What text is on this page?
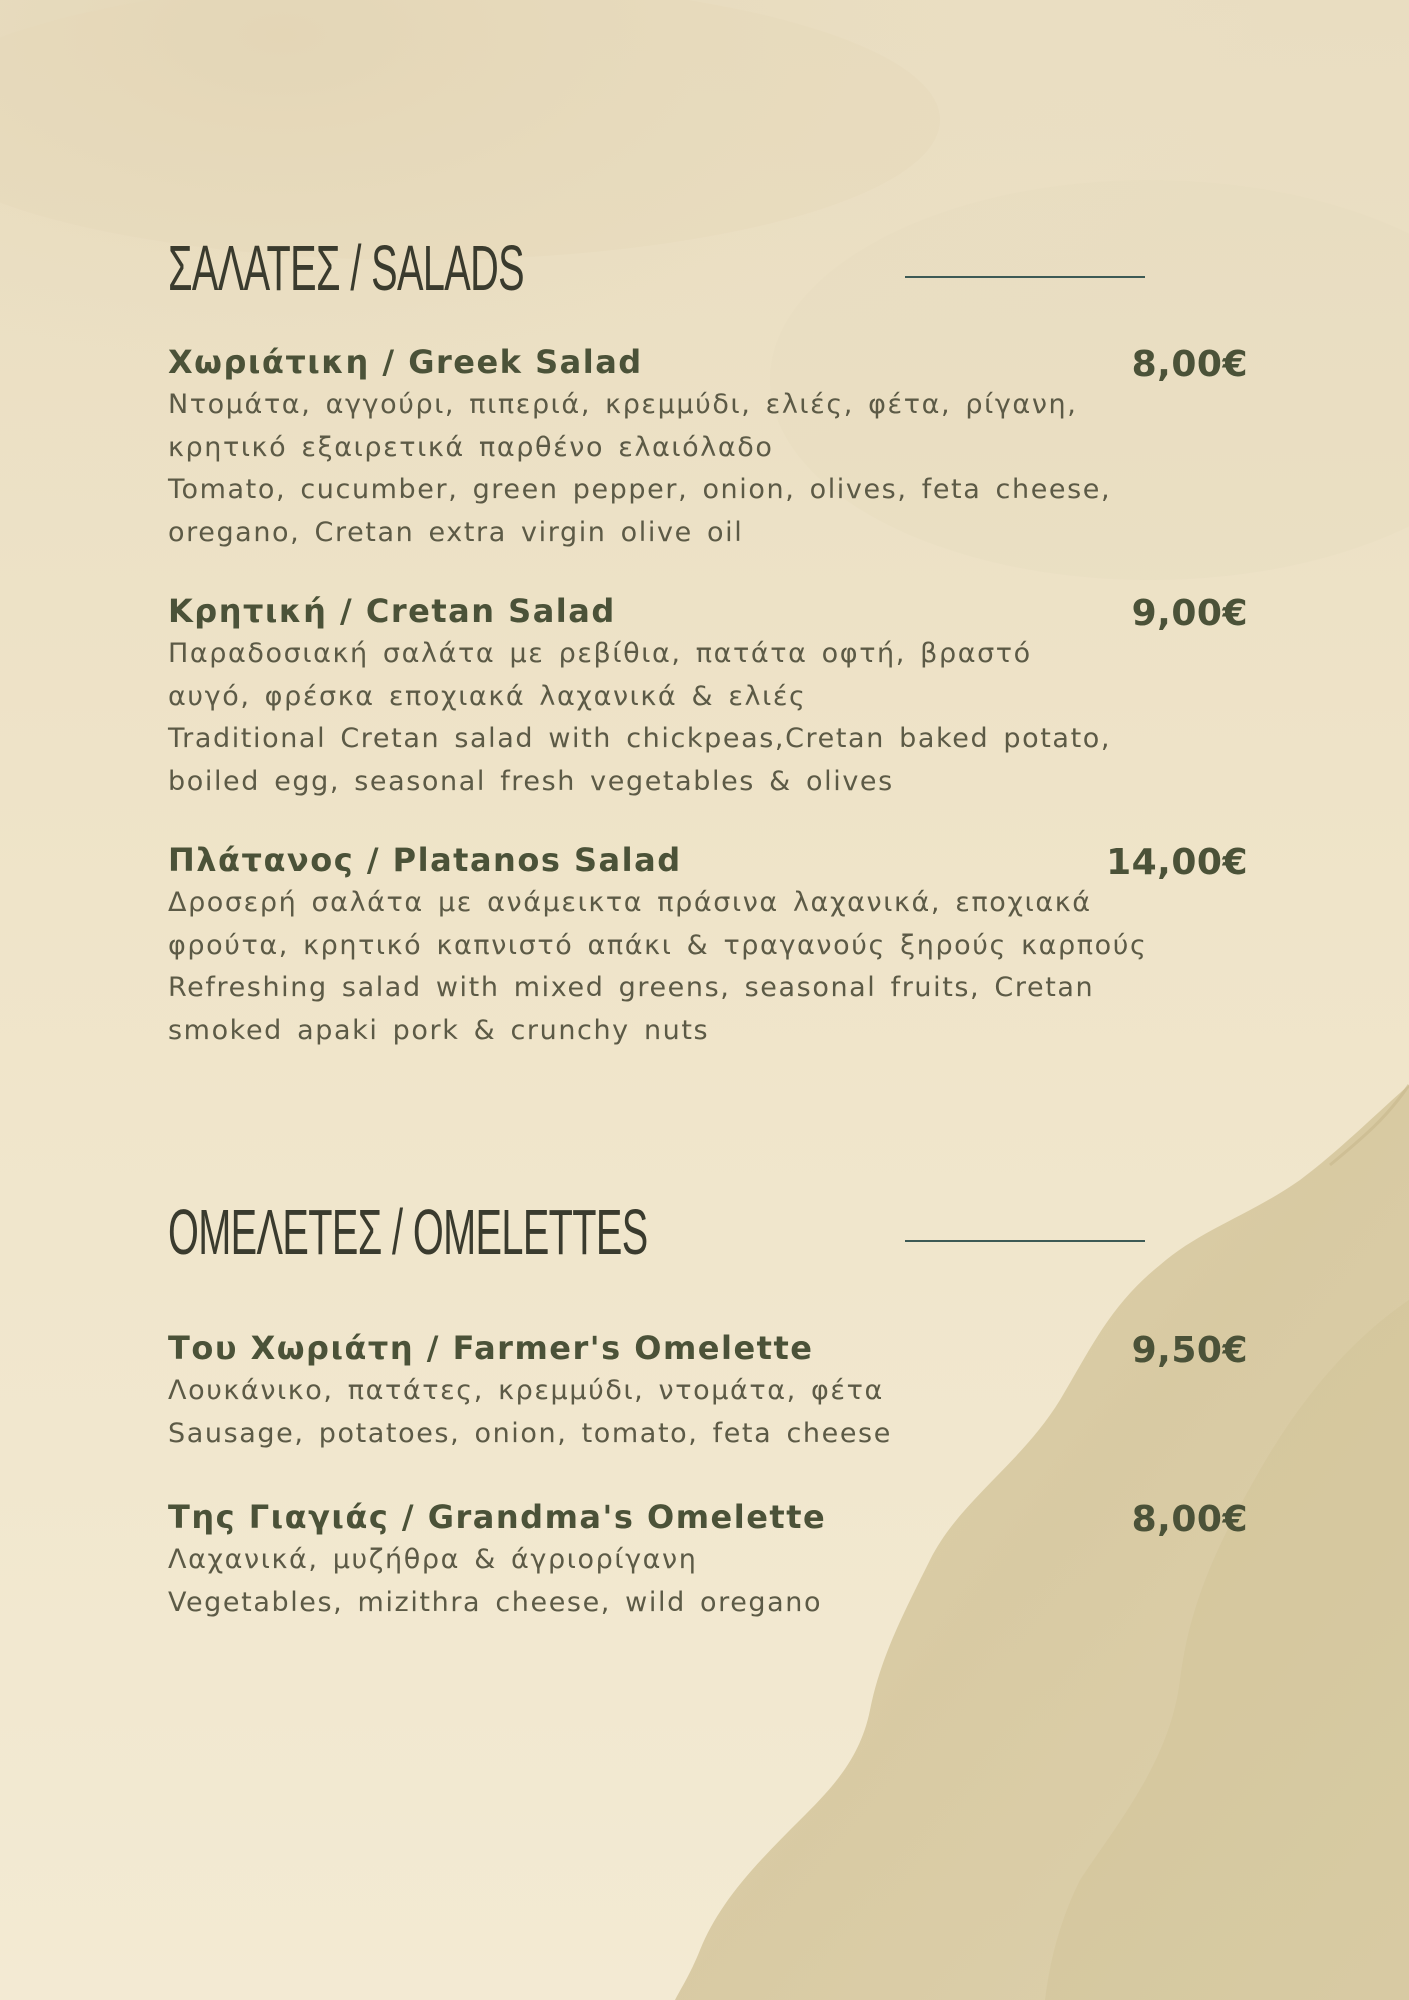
ΣΑΛΑΤΕΣ / SALADS
Χωριάτικη / Greek Salad	8,00€
Ντομάτα, αγγούρι, πιπεριά, κρεμμύδι, ελιές, φέτα, ρίγανη,
κρητικό εξαιρετικά παρθένο ελαιόλαδο
Tomato, cucumber, green pepper, onion, olives, feta cheese,
oregano, Cretan extra virgin olive oil
Κρητική / Cretan Salad	9,00€
Παραδοσιακή σαλάτα με ρεβίθια, πατάτα οφτή, βραστό
αυγό, φρέσκα εποχιακά λαχανικά & ελιές
Traditional Cretan salad with chickpeas,Cretan baked potato,
boiled egg, seasonal fresh vegetables & olives
Πλάτανος / Platanos Salad	14,00€
Δροσερή σαλάτα με ανάμεικτα πράσινα λαχανικά, εποχιακά
φρούτα, κρητικό καπνιστό απάκι & τραγανούς ξηρούς καρπούς
Refreshing salad with mixed greens, seasonal fruits, Cretan
smoked apaki pork & crunchy nuts
ΟΜΕΛΕΤΕΣ / OMELETTES
Του Χωριάτη / Farmer's Omelette	9,50€
Λουκάνικο, πατάτες, κρεμμύδι, ντομάτα, φέτα
Sausage, potatoes, onion, tomato, feta cheese
Της Γιαγιάς / Grandma's Omelette	8,00€
Λαχανικά, μυζήθρα & άγριορίγανη
Vegetables, mizithra cheese, wild oregano
